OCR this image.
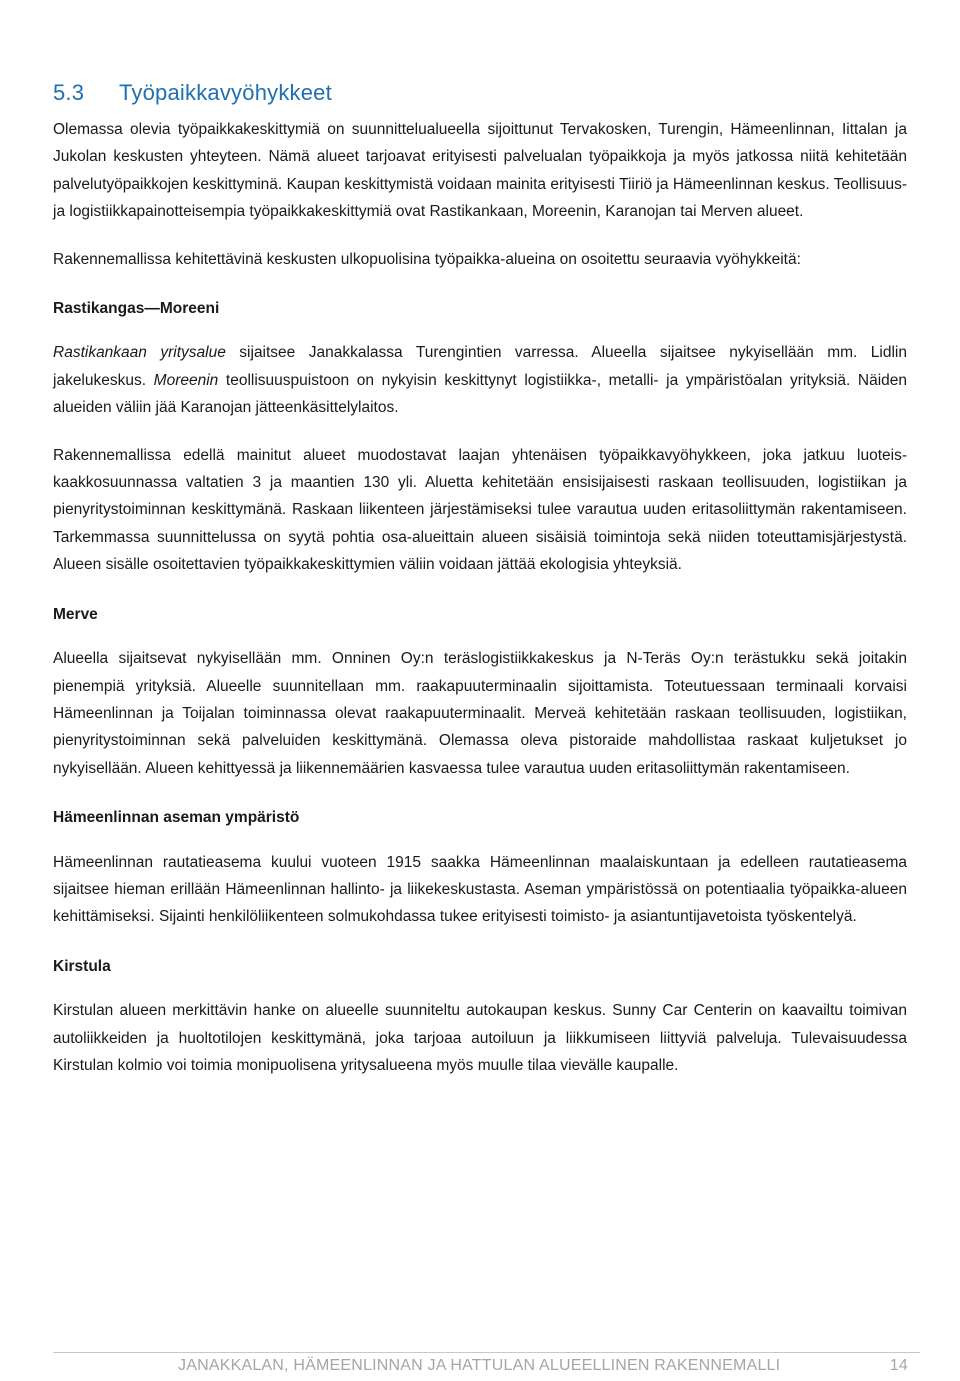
5.3 Työpaikkavyöhykkeet

Olemassa olevia työpaikkakeskittymiä on suunnittelualueella sijoittunut Tervakosken, Turengin, Hämeenlinnan, Iittalan ja Jukolan keskusten yhteyteen. Nämä alueet tarjoavat erityisesti palvelualan työpaikkoja ja myös jatkossa niitä kehitetään palvelutyöpaikkojen keskittyminä. Kaupan keskittymistä voidaan mainita erityisesti Tiiriö ja Hämeenlinnan keskus. Teollisuus- ja logistiikkapainotteisempia työpaikkakeskittymiä ovat Rastikankaan, Moreenin, Karanojan tai Merven alueet.

Rakennemallissa kehitettävinä keskusten ulkopuolisina työpaikka-alueina on osoitettu seuraavia vyöhykkeitä:

Rastikangas—Moreeni

Rastikankaan yritysalue sijaitsee Janakkalassa Turengintien varressa. Alueella sijaitsee nykyisellään mm. Lidlin jakelukeskus. Moreenin teollisuuspuistoon on nykyisin keskittynyt logistiikka-, metalli- ja ympäristöalan yrityksiä. Näiden alueiden väliin jää Karanojan jätteenkäsittelylaitos.

Rakennemallissa edellä mainitut alueet muodostavat laajan yhtenäisen työpaikkavyöhykkeen, joka jatkuu luoteis-kaakkosuunnassa valtatien 3 ja maantien 130 yli. Aluetta kehitetään ensisijaisesti raskaan teollisuuden, logistiikan ja pienyritystoiminnan keskittymänä. Raskaan liikenteen järjestämiseksi tulee varautua uuden eritasoliittymän rakentamiseen. Tarkemmassa suunnittelussa on syytä pohtia osa-alueittain alueen sisäisiä toimintoja sekä niiden toteuttamisjärjestystä. Alueen sisälle osoitettavien työpaikkakeskittymien väliin voidaan jättää ekologisia yhteyksiä.

Merve

Alueella sijaitsevat nykyisellään mm. Onninen Oy:n teräslogistiikkakeskus ja N-Teräs Oy:n terästukku sekä joitakin pienempiä yrityksiä. Alueelle suunnitellaan mm. raakapuuterminaalin sijoittamista. Toteutuessaan terminaali korvaisi Hämeenlinnan ja Toijalan toiminnassa olevat raakapuuterminaalit. Merveä kehitetään raskaan teollisuuden, logistiikan, pienyritystoiminnan sekä palveluiden keskittymänä. Olemassa oleva pistoraide mahdollistaa raskaat kuljetukset jo nykyisellään. Alueen kehittyessä ja liikennemäärien kasvaessa tulee varautua uuden eritasoliittymän rakentamiseen.

Hämeenlinnan aseman ympäristö

Hämeenlinnan rautatieasema kuului vuoteen 1915 saakka Hämeenlinnan maalaiskuntaan ja edelleen rautatieasema sijaitsee hieman erillään Hämeenlinnan hallinto- ja liikekeskustasta. Aseman ympäristössä on potentiaalia työpaikka-alueen kehittämiseksi. Sijainti henkilöliikenteen solmukohdassa tukee erityisesti toimisto- ja asiantuntijavetoista työskentelyä.

Kirstula

Kirstulan alueen merkittävin hanke on alueelle suunniteltu autokaupan keskus. Sunny Car Centerin on kaavailtu toimivan autoliikkeiden ja huoltotilojen keskittymänä, joka tarjoaa autoiluun ja liikkumiseen liittyviä palveluja. Tulevaisuudessa Kirstulan kolmio voi toimia monipuolisena yritysalueena myös muulle tilaa vievälle kaupalle.

JANAKKALAN, HÄMEENLINNAN JA HATTULAN ALUEELLINEN RAKENNEMALLI	14
